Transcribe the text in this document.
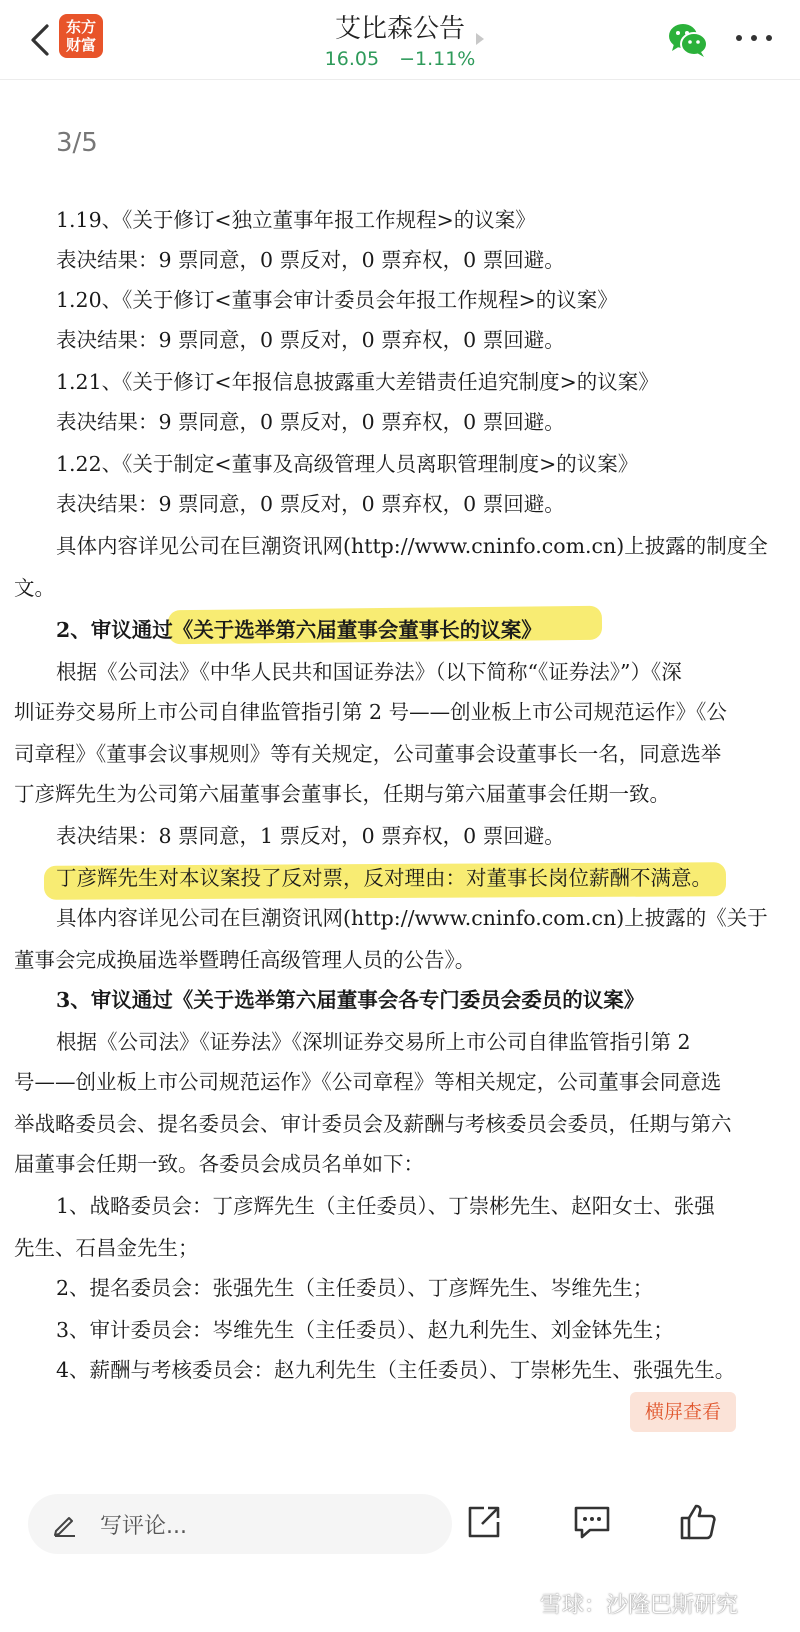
东方
财富
艾比森公告
16.05 −1.11%
3/5
1.19、《关于修订<独立董事年报工作规程>的议案》
表决结果：9 票同意，0 票反对，0 票弃权，0 票回避。
1.20、《关于修订<董事会审计委员会年报工作规程>的议案》
表决结果：9 票同意，0 票反对，0 票弃权，0 票回避。
1.21、《关于修订<年报信息披露重大差错责任追究制度>的议案》
表决结果：9 票同意，0 票反对，0 票弃权，0 票回避。
1.22、《关于制定<董事及高级管理人员离职管理制度>的议案》
表决结果：9 票同意，0 票反对，0 票弃权，0 票回避。
具体内容详见公司在巨潮资讯网(http://www.cninfo.com.cn)上披露的制度全
文。
2、审议通过《关于选举第六届董事会董事长的议案》
根据《公司法》《中华人民共和国证券法》（以下简称“《证券法》”）《深
圳证券交易所上市公司自律监管指引第 2 号——创业板上市公司规范运作》《公
司章程》《董事会议事规则》等有关规定，公司董事会设董事长一名，同意选举
丁彦辉先生为公司第六届董事会董事长，任期与第六届董事会任期一致。
表决结果：8 票同意，1 票反对，0 票弃权，0 票回避。
丁彦辉先生对本议案投了反对票，反对理由：对董事长岗位薪酬不满意。
具体内容详见公司在巨潮资讯网(http://www.cninfo.com.cn)上披露的《关于
董事会完成换届选举暨聘任高级管理人员的公告》。
3、审议通过《关于选举第六届董事会各专门委员会委员的议案》
根据《公司法》《证券法》《深圳证券交易所上市公司自律监管指引第 2
号——创业板上市公司规范运作》《公司章程》等相关规定，公司董事会同意选
举战略委员会、提名委员会、审计委员会及薪酬与考核委员会委员，任期与第六
届董事会任期一致。各委员会成员名单如下：
1、战略委员会：丁彦辉先生（主任委员）、丁崇彬先生、赵阳女士、张强
先生、石昌金先生；
2、提名委员会：张强先生（主任委员）、丁彦辉先生、岑维先生；
3、审计委员会：岑维先生（主任委员）、赵九利先生、刘金钵先生；
4、薪酬与考核委员会：赵九利先生（主任委员）、丁崇彬先生、张强先生。
横屏查看
写评论...
雪球：沙隆巴斯研究
